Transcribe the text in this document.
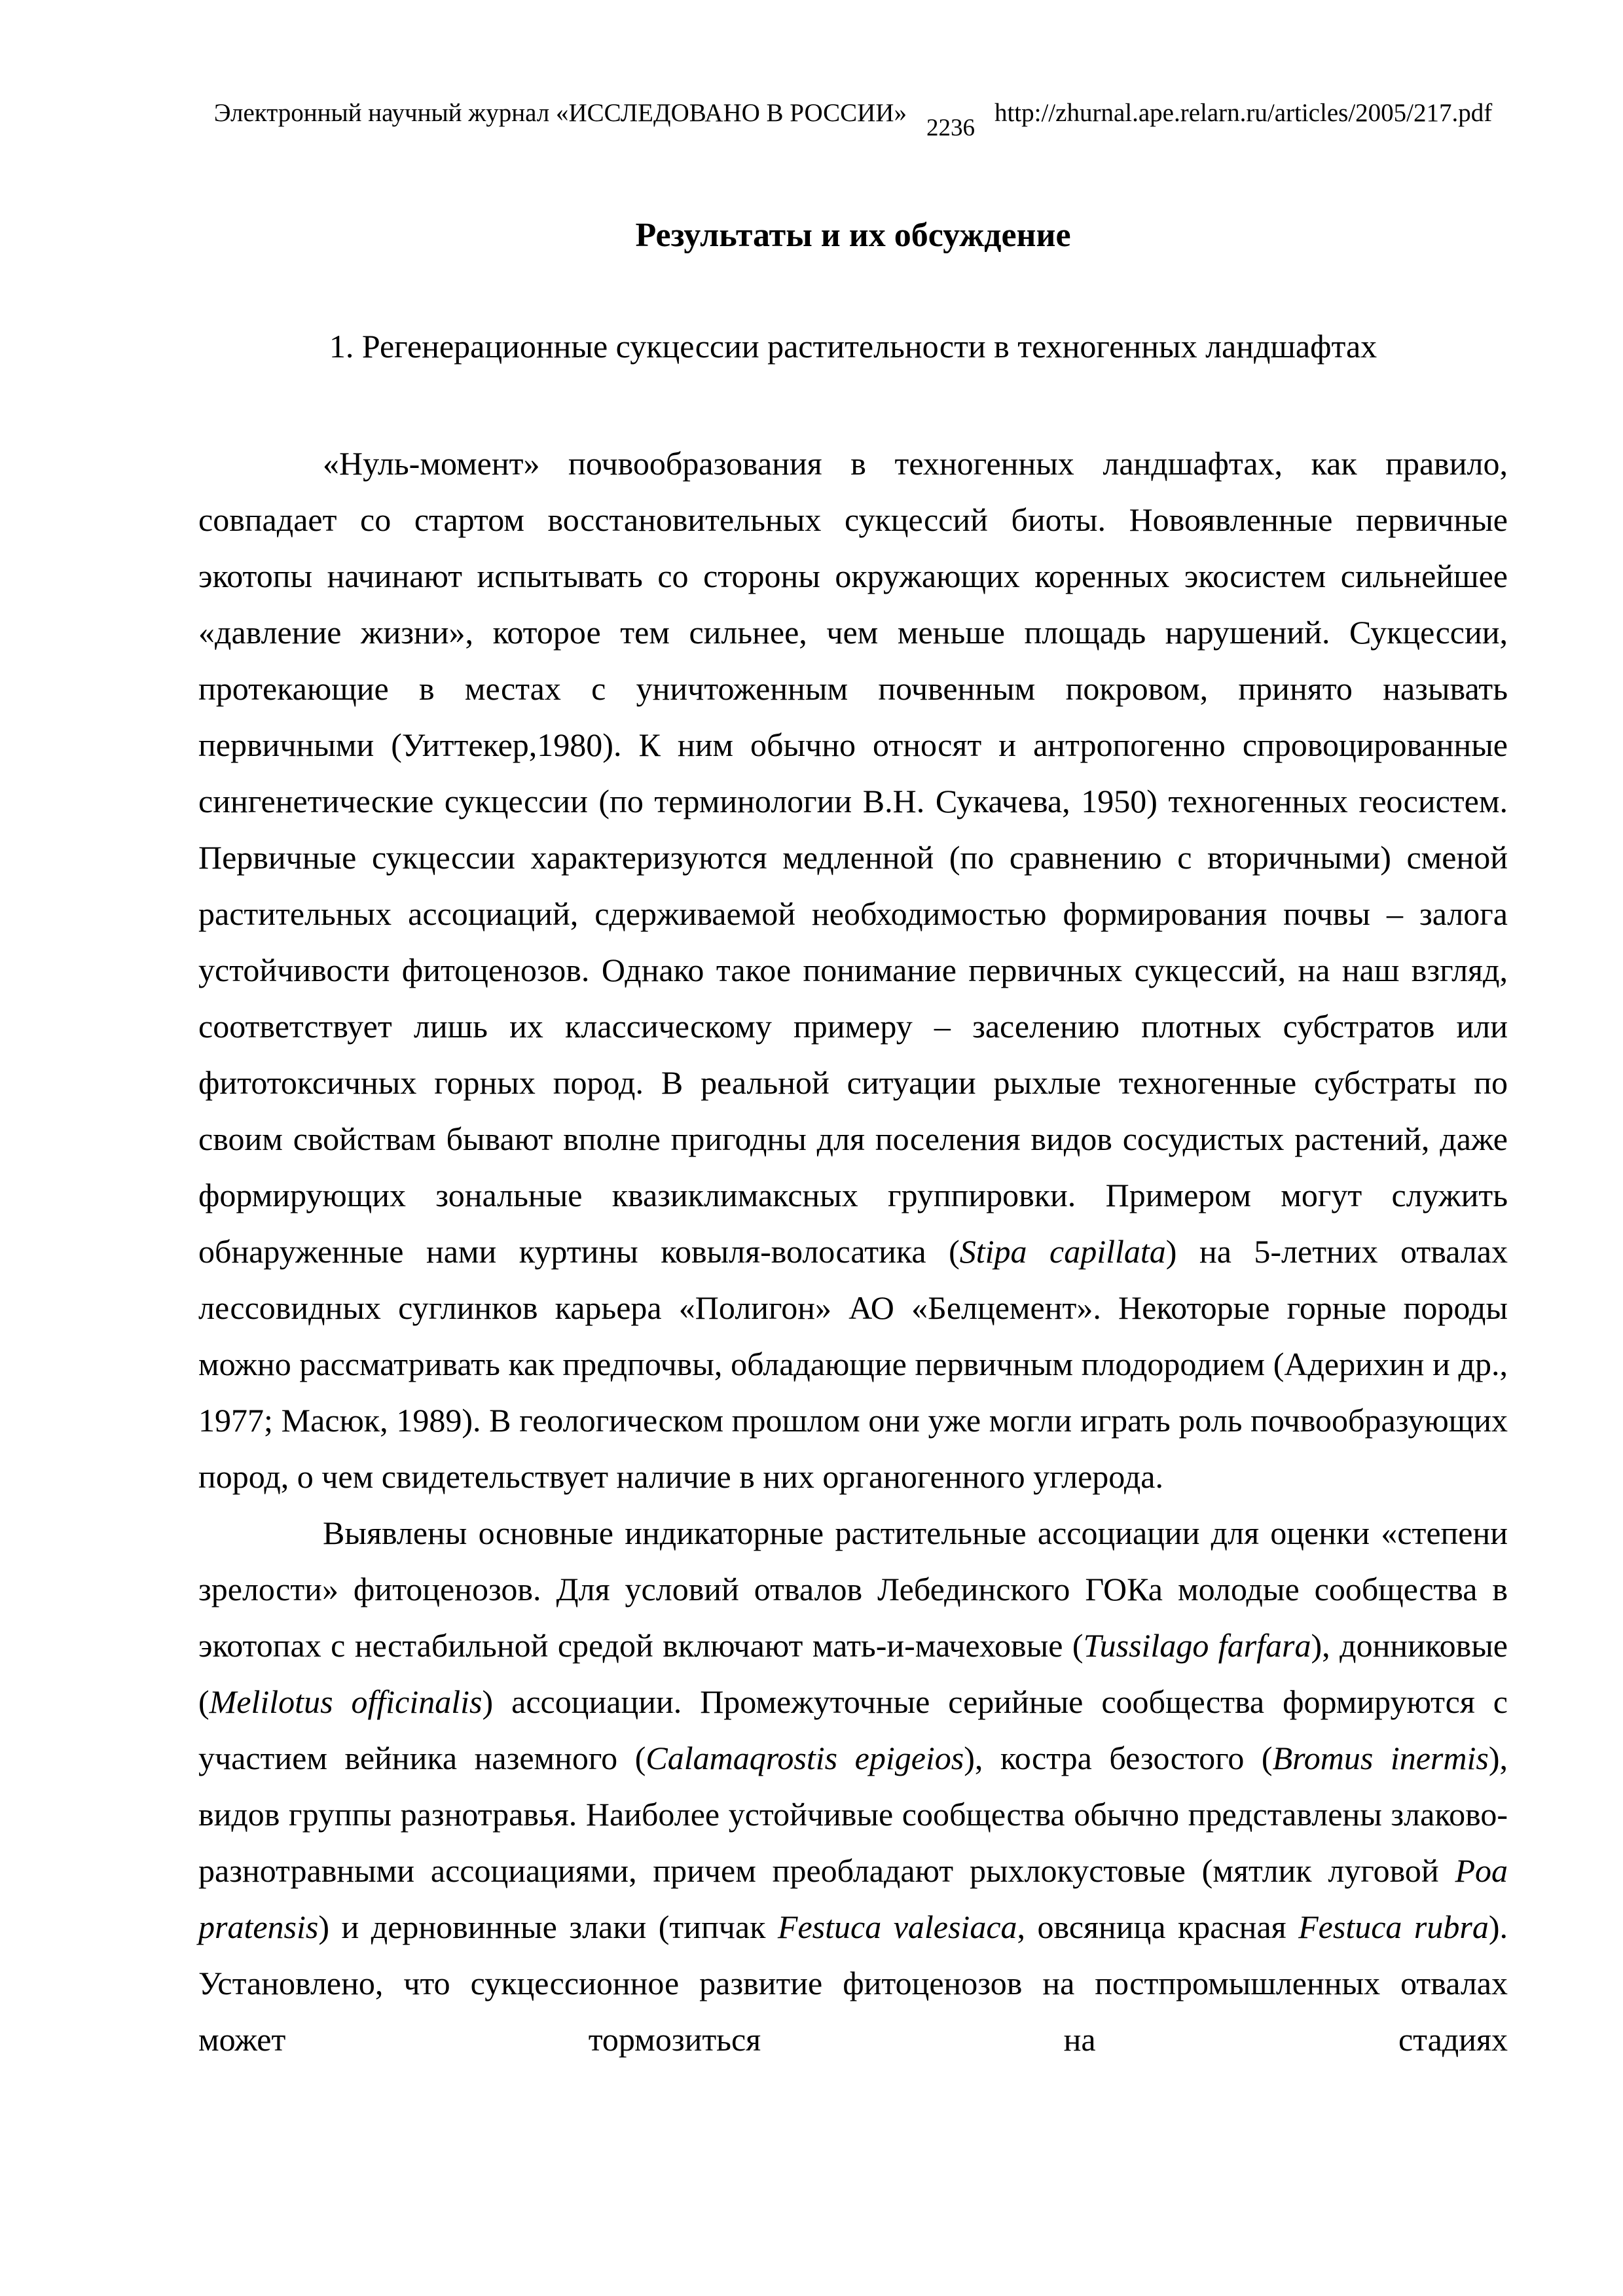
Электронный научный журнал «ИССЛЕДОВАНО В РОССИИ»
2236
http://zhurnal.ape.relarn.ru/articles/2005/217.pdf
Результаты и их обсуждение
1. Регенерационные сукцессии растительности в техногенных ландшафтах

«Нуль-момент» почвообразования в техногенных ландшафтах, как правило, совпадает со стартом восстановительных сукцессий биоты. Новоявленные первичные экотопы начинают испытывать со стороны окружающих коренных экосистем сильнейшее «давление жизни», которое тем сильнее, чем меньше площадь нарушений. Сукцессии, протекающие в местах с уничтоженным почвенным покровом, принято называть первичными (Уиттекер,1980). К ним обычно относят и антропогенно спровоцированные сингенетические сукцессии (по терминологии В.Н. Сукачева, 1950) техногенных геосистем. Первичные сукцессии характеризуются медленной (по сравнению с вторичными) сменой растительных ассоциаций, сдерживаемой необходимостью формирования почвы – залога устойчивости фитоценозов. Однако такое понимание первичных сукцессий, на наш взгляд, соответствует лишь их классическому примеру – заселению плотных субстратов или фитотоксичных горных пород. В реальной ситуации рыхлые техногенные субстраты по своим свойствам бывают вполне пригодны для поселения видов сосудистых растений, даже формирующих зональные квазиклимаксных группировки. Примером могут служить обнаруженные нами куртины ковыля-волосатика (Stipa capillata) на 5-летних отвалах лессовидных суглинков карьера «Полигон» АО «Белцемент». Некоторые горные породы можно рассматривать как предпочвы, обладающие первичным плодородием (Адерихин и др., 1977; Масюк, 1989). В геологическом прошлом они уже могли играть роль почвообразующих пород, о чем свидетельствует наличие в них органогенного углерода.

Выявлены основные индикаторные растительные ассоциации для оценки «степени зрелости» фитоценозов. Для условий отвалов Лебединского ГОКа молодые сообщества в экотопах с нестабильной средой включают мать-и-мачеховые (Tussilago farfara), донниковые (Melilotus officinalis) ассоциации. Промежуточные серийные сообщества формируются с участием вейника наземного (Calamaqrostis epigeios), костра безостого (Bromus inermis), видов группы разнотравья. Наиболее устойчивые сообщества обычно представлены злаково-разнотравными ассоциациями, причем преобладают рыхлокустовые (мятлик луговой Poa pratensis) и дерновинные злаки (типчак Festuca valesiaca, овсяница красная Festuca rubra). Установлено, что сукцессионное развитие фитоценозов на постпромышленных отвалах может тормозиться на стадиях
